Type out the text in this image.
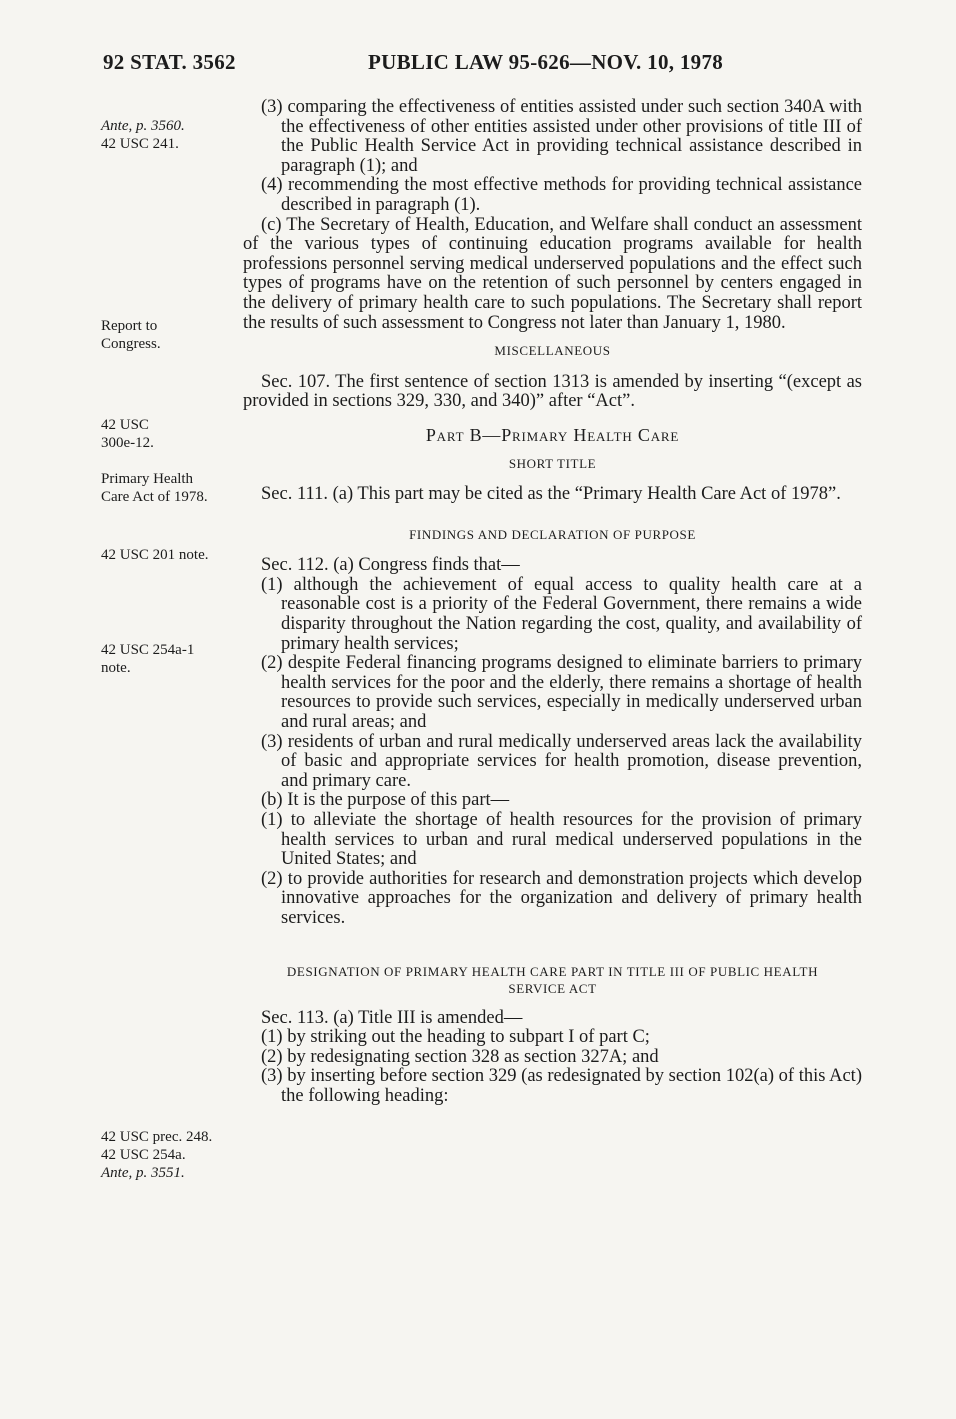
92 STAT. 3562	PUBLIC LAW 95-626—NOV. 10, 1978
Ante, p. 3560.
42 USC 241.
Report to
Congress.
42 USC
300e-12.
Primary Health
Care Act of 1978.
42 USC 201 note.
42 USC 254a-1
note.
42 USC prec. 248.
42 USC 254a.
Ante, p. 3551.

(3) comparing the effectiveness of entities assisted under such section 340A with the effectiveness of other entities assisted under other provisions of title III of the Public Health Service Act in providing technical assistance described in paragraph (1); and

(4) recommending the most effective methods for providing technical assistance described in paragraph (1).

(c) The Secretary of Health, Education, and Welfare shall conduct an assessment of the various types of continuing education programs available for health professions personnel serving medical underserved populations and the effect such types of programs have on the retention of such personnel by centers engaged in the delivery of primary health care to such populations. The Secretary shall report the results of such assessment to Congress not later than January 1, 1980.

MISCELLANEOUS

Sec. 107. The first sentence of section 1313 is amended by inserting “(except as provided in sections 329, 330, and 340)” after “Act”.

Part B—Primary Health Care
SHORT TITLE

Sec. 111. (a) This part may be cited as the “Primary Health Care Act of 1978”.

FINDINGS AND DECLARATION OF PURPOSE

Sec. 112. (a) Congress finds that—

(1) although the achievement of equal access to quality health care at a reasonable cost is a priority of the Federal Government, there remains a wide disparity throughout the Nation regarding the cost, quality, and availability of primary health services;

(2) despite Federal financing programs designed to eliminate barriers to primary health services for the poor and the elderly, there remains a shortage of health resources to provide such services, especially in medically underserved urban and rural areas; and

(3) residents of urban and rural medically underserved areas lack the availability of basic and appropriate services for health promotion, disease prevention, and primary care.

(b) It is the purpose of this part—

(1) to alleviate the shortage of health resources for the provision of primary health services to urban and rural medical underserved populations in the United States; and

(2) to provide authorities for research and demonstration projects which develop innovative approaches for the organization and delivery of primary health services.

DESIGNATION OF PRIMARY HEALTH CARE PART IN TITLE III OF PUBLIC HEALTH SERVICE ACT

Sec. 113. (a) Title III is amended—

(1) by striking out the heading to subpart I of part C;

(2) by redesignating section 328 as section 327A; and

(3) by inserting before section 329 (as redesignated by section 102(a) of this Act) the following heading:
